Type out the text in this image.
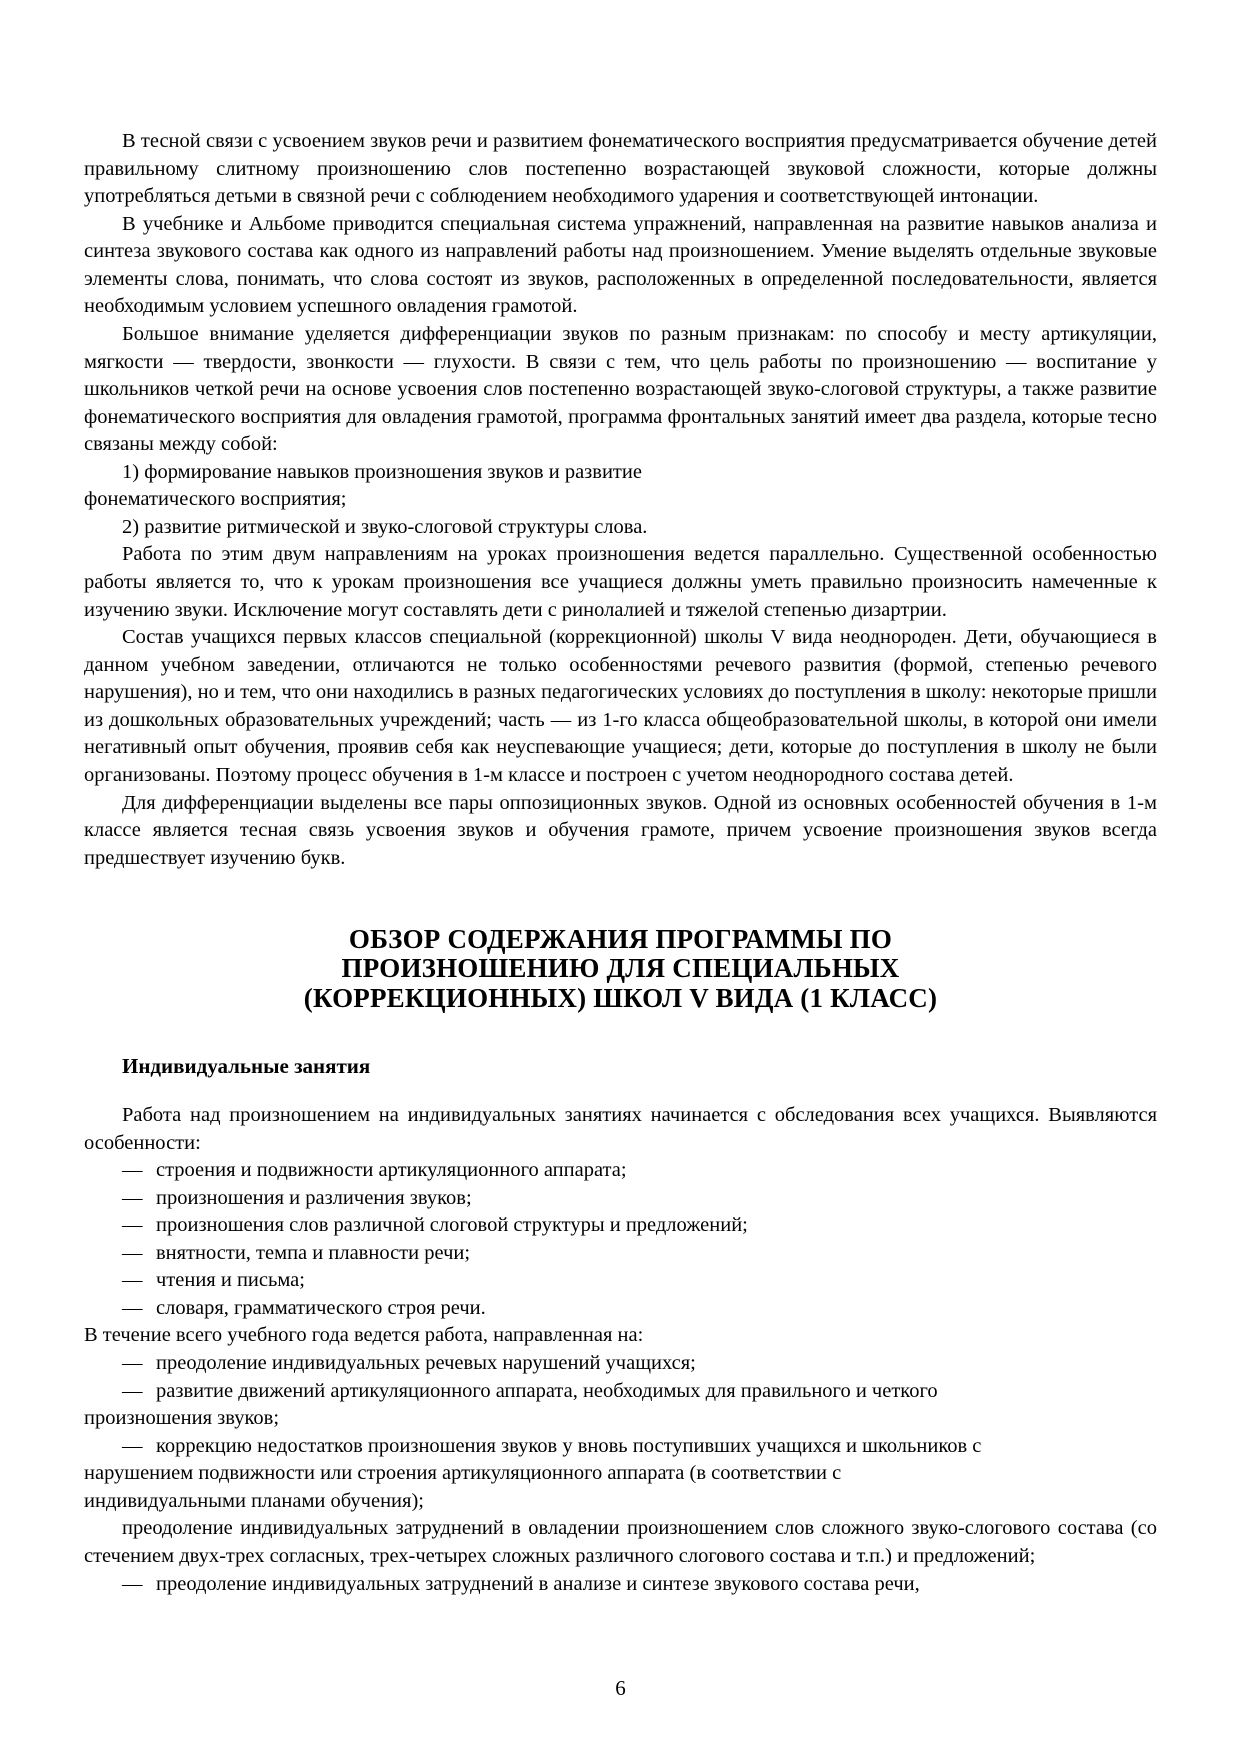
В тесной связи с усвоением звуков речи и развитием фонематического восприятия предусматривается обучение детей правильному слитному произношению слов постепенно возрастающей звуковой сложности, которые должны употребляться детьми в связной речи с соблюдением необходимого ударения и соответствующей интонации.

В учебнике и Альбоме приводится специальная система упражнений, направленная на развитие навыков анализа и синтеза звукового состава как одного из направлений работы над произношением. Умение выделять отдельные звуковые элементы слова, понимать, что слова состоят из звуков, расположенных в определенной последовательности, является необходимым условием успешного овладения грамотой.

Большое внимание уделяется дифференциации звуков по разным признакам: по способу и месту артикуляции, мягкости — твердости, звонкости — глухости. В связи с тем, что цель работы по произношению — воспитание у школьников четкой речи на основе усвоения слов постепенно возрастающей звуко-слоговой структуры, а также развитие фонематического восприятия для овладения грамотой, программа фронтальных занятий имеет два раздела, которые тесно связаны между собой:

1) формирование навыков произношения звуков и развитие

фонематического восприятия;

2) развитие ритмической и звуко-слоговой структуры слова.

Работа по этим двум направлениям на уроках произношения ведется параллельно. Существенной особенностью работы является то, что к урокам произношения все учащиеся должны уметь правильно произносить намеченные к изучению звуки. Исключение могут составлять дети с ринолалией и тяжелой степенью дизартрии.

Состав учащихся первых классов специальной (коррекционной) школы V вида неоднороден. Дети, обучающиеся в данном учебном заведении, отличаются не только особенностями речевого развития (формой, степенью речевого нарушения), но и тем, что они находились в разных педагогических условиях до поступления в школу: некоторые пришли из дошкольных образовательных учреждений; часть — из 1-го класса общеобразовательной школы, в которой они имели негативный опыт обучения, проявив себя как неуспевающие учащиеся; дети, которые до поступления в школу не были организованы. Поэтому процесс обучения в 1-м классе и построен с учетом неоднородного состава детей.

Для дифференциации выделены все пары оппозиционных звуков. Одной из основных особенностей обучения в 1-м классе является тесная связь усвоения звуков и обучения грамоте, причем усвоение произношения звуков всегда предшествует изучению букв.

ОБЗОР СОДЕРЖАНИЯ ПРОГРАММЫ ПО
ПРОИЗНОШЕНИЮ ДЛЯ СПЕЦИАЛЬНЫХ
(КОРРЕКЦИОННЫХ) ШКОЛ V ВИДА (1 КЛАСС)
Индивидуальные занятия

Работа над произношением на индивидуальных занятиях начинается с обследования всех учащихся. Выявляются особенности:

— строения и подвижности артикуляционного аппарата;

— произношения и различения звуков;

— произношения слов различной слоговой структуры и предложений;

— внятности, темпа и плавности речи;

— чтения и письма;

— словаря, грамматического строя речи.

В течение всего учебного года ведется работа, направленная на:

— преодоление индивидуальных речевых нарушений учащихся;

— развитие движений артикуляционного аппарата, необходимых для правильного и четкого

произношения звуков;

— коррекцию недостатков произношения звуков у вновь поступивших учащихся и школьников с

нарушением подвижности или строения артикуляционного аппарата (в соответствии с

индивидуальными планами обучения);

преодоление индивидуальных затруднений в овладении произношением слов сложного звуко-слогового состава (со стечением двух-трех согласных, трех-четырех сложных различного слогового состава и т.п.) и предложений;

— преодоление индивидуальных затруднений в анализе и синтезе звукового состава речи,

6
